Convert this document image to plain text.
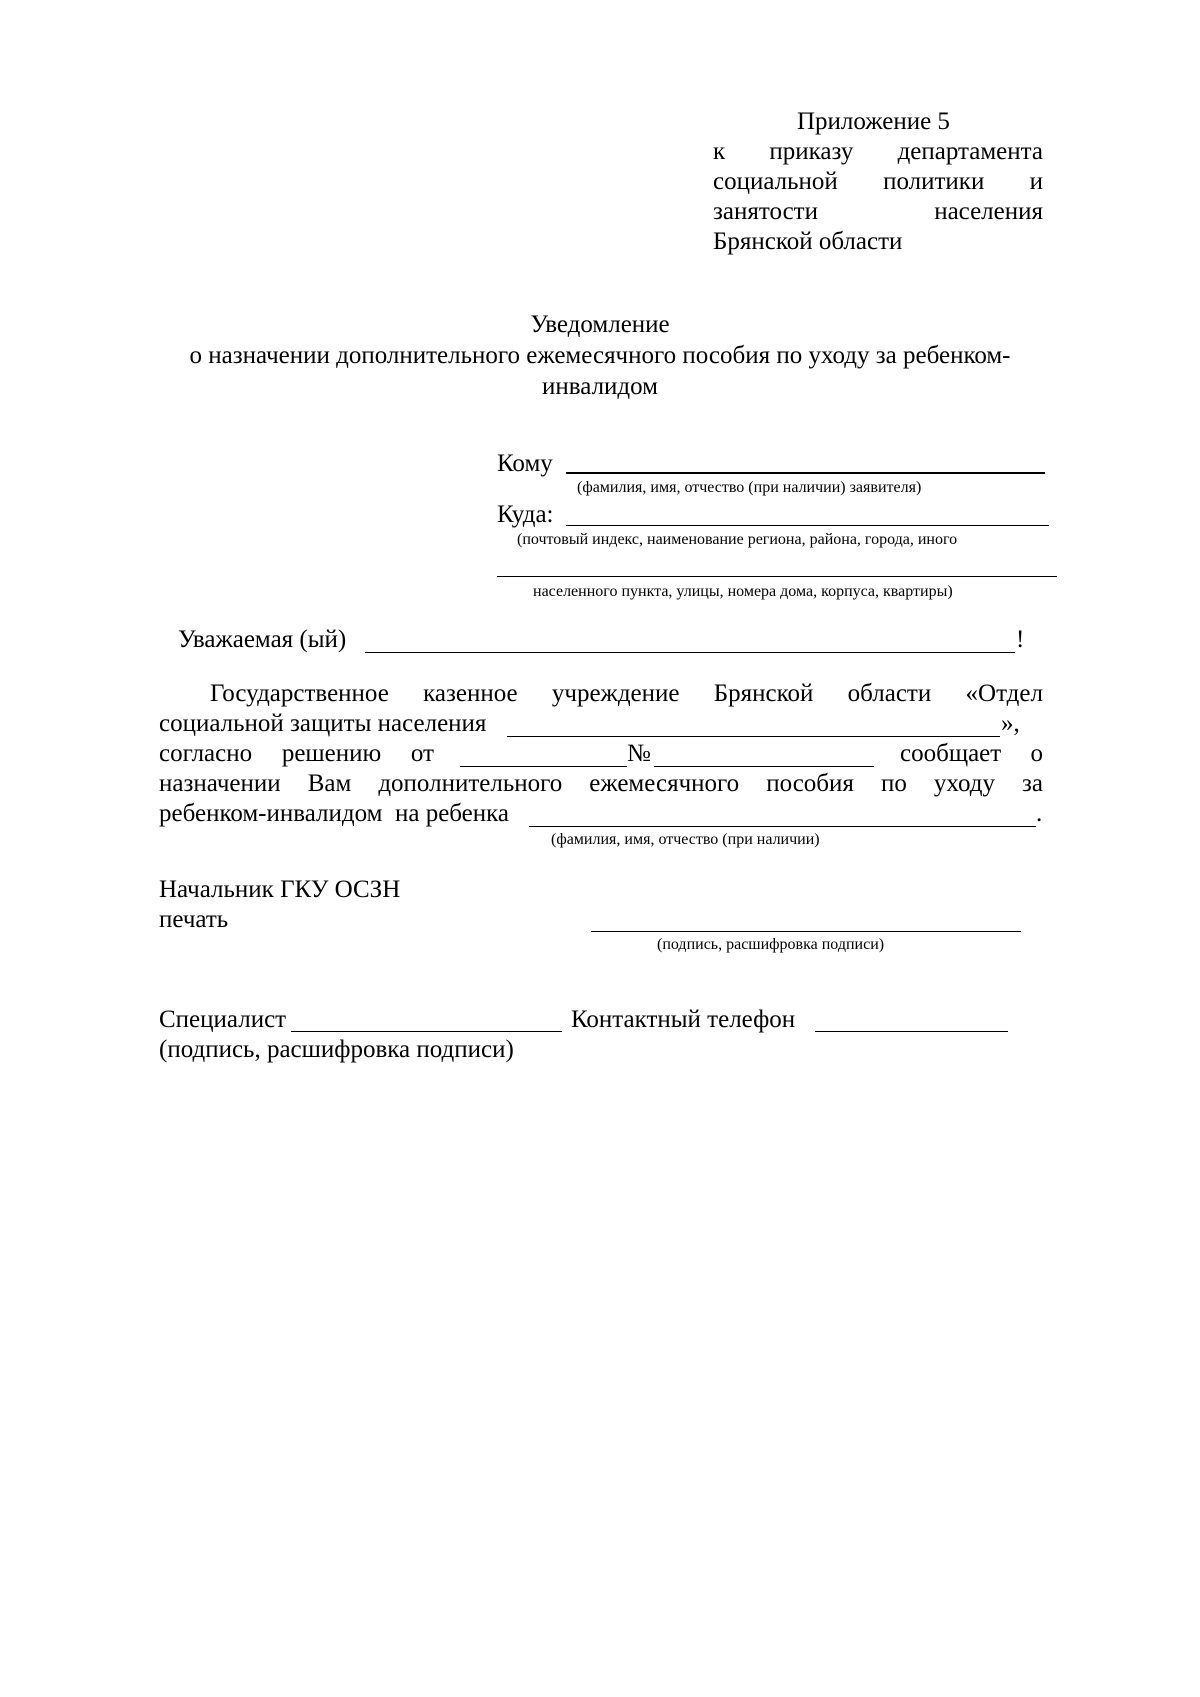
Приложение 5
к приказу департамента
социальной политики и
занятости	населения
Брянской области
Уведомление
о назначении дополнительного ежемесячного пособия по уходу за ребенком-
инвалидом
Кому
(фамилия, имя, отчество (при наличии) заявителя)
Куда:
(почтовый индекс, наименование региона, района, города, иного
населенного пункта, улицы, номера дома, корпуса, квартиры)
Уважаемая (ый)	!
Государственное казенное учреждение Брянской области «Отдел
социальной защиты населения	»,
согласно решению от	№	сообщает о
назначении Вам дополнительного ежемесячного пособия по уходу за
ребенком-инвалидом  на ребенка	.
(фамилия, имя, отчество (при наличии)
Начальник ГКУ ОСЗН
печать
(подпись, расшифровка подписи)
Специалист	Контактный телефон
(подпись, расшифровка подписи)
